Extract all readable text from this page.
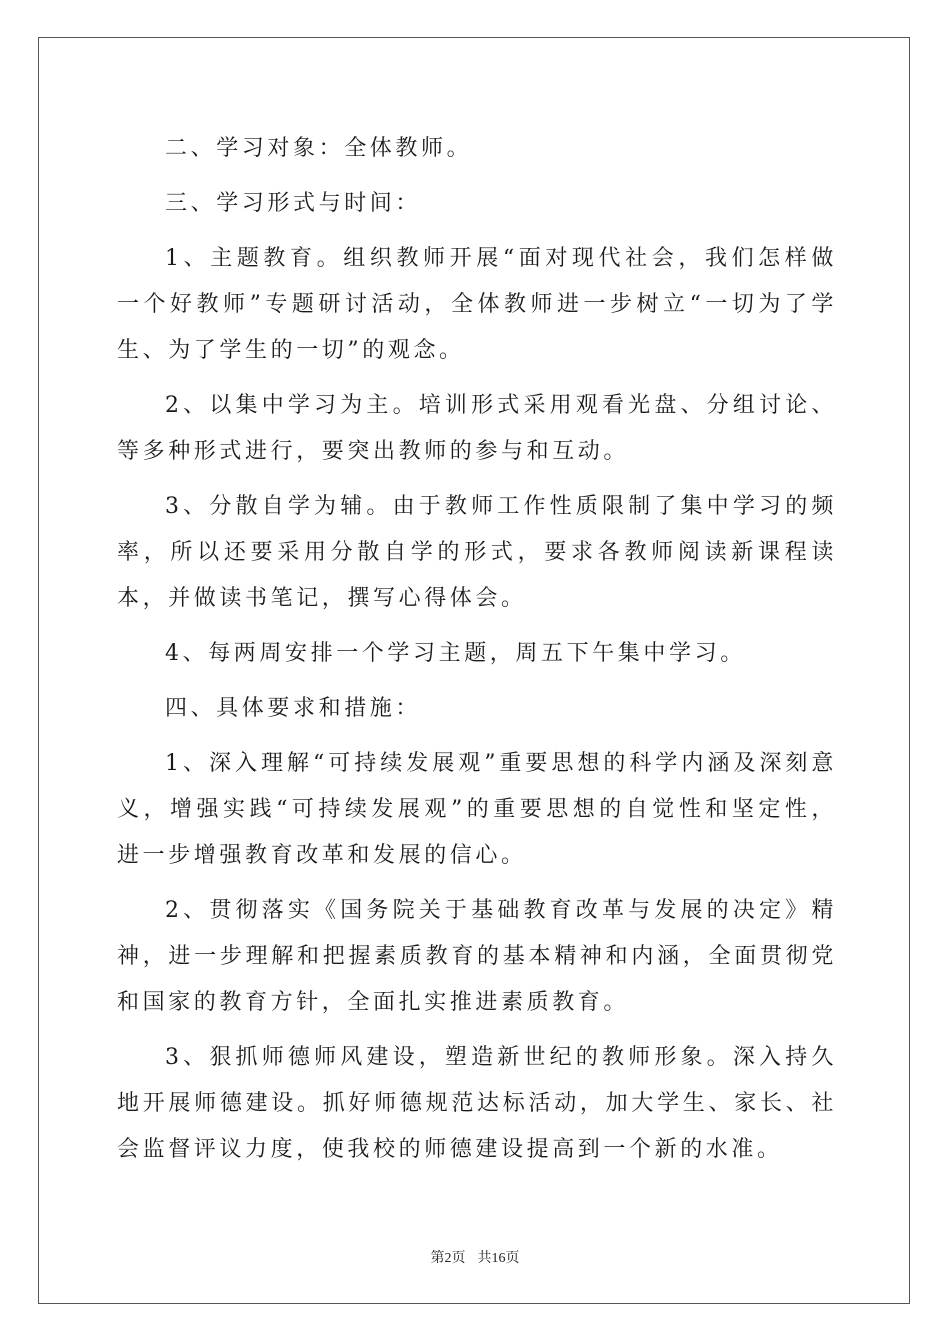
二、学习对象：全体教师。

三、学习形式与时间：

1、主题教育。组织教师开展“面对现代社会，我们怎样做一个好教师”专题研讨活动，全体教师进一步树立“一切为了学生、为了学生的一切”的观念。

2、以集中学习为主。培训形式采用观看光盘、分组讨论、等多种形式进行，要突出教师的参与和互动。

3、分散自学为辅。由于教师工作性质限制了集中学习的频率，所以还要采用分散自学的形式，要求各教师阅读新课程读本，并做读书笔记，撰写心得体会。

4、每两周安排一个学习主题，周五下午集中学习。

四、具体要求和措施：

1、深入理解“可持续发展观”重要思想的科学内涵及深刻意义，增强实践“可持续发展观”的重要思想的自觉性和坚定性，进一步增强教育改革和发展的信心。

2、贯彻落实《国务院关于基础教育改革与发展的决定》精神，进一步理解和把握素质教育的基本精神和内涵，全面贯彻党和国家的教育方针，全面扎实推进素质教育。

3、狠抓师德师风建设，塑造新世纪的教师形象。深入持久地开展师德建设。抓好师德规范达标活动，加大学生、家长、社会监督评议力度，使我校的师德建设提高到一个新的水准。

第2页 共16页
